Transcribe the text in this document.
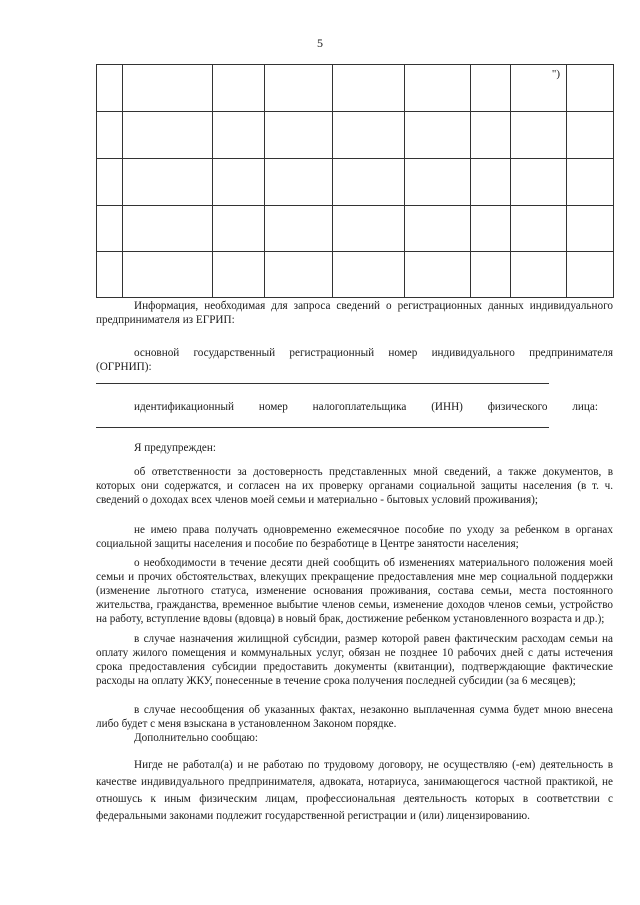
5
							")	

Информация, необходимая для запроса сведений о регистрационных данных индивидуального предпринимателя из ЕГРИП:
основной государственный регистрационный номер индивидуального предпринимателя (ОГРНИП):
идентификационный номер налогоплательщика (ИНН) физического лица:
Я предупрежден:
об ответственности за достоверность представленных мной сведений, а также документов, в которых они содержатся, и согласен на их проверку органами социальной защиты населения (в т. ч. сведений о доходах всех членов моей семьи и материально - бытовых условий проживания);
не имею права получать одновременно ежемесячное пособие по уходу за ребенком в органах социальной защиты населения и пособие по безработице в Центре занятости населения;
о необходимости в течение десяти дней сообщить об изменениях материального положения моей семьи и прочих обстоятельствах, влекущих прекращение предоставления мне мер социальной поддержки (изменение льготного статуса, изменение основания проживания, состава семьи, места постоянного жительства, гражданства, временное выбытие членов семьи, изменение доходов членов семьи, устройство на работу, вступление вдовы (вдовца) в новый брак, достижение ребенком установленного возраста и др.);
в случае назначения жилищной субсидии, размер которой равен фактическим расходам семьи на оплату жилого помещения и коммунальных услуг, обязан не позднее 10 рабочих дней с даты истечения срока предоставления субсидии предоставить документы (квитанции), подтверждающие фактические расходы на оплату ЖКУ, понесенные в течение срока получения последней субсидии (за 6 месяцев);
в случае несообщения об указанных фактах, незаконно выплаченная сумма будет мною внесена либо будет с меня взыскана в установленном Законом порядке.
Дополнительно сообщаю:
Нигде не работал(а) и не работаю по трудовому договору, не осуществляю (-ем) деятельность в качестве индивидуального предпринимателя, адвоката, нотариуса, занимающегося частной практикой, не отношусь к иным физическим лицам, профессиональная деятельность которых в соответствии с федеральными законами подлежит государственной регистрации и (или) лицензированию.
